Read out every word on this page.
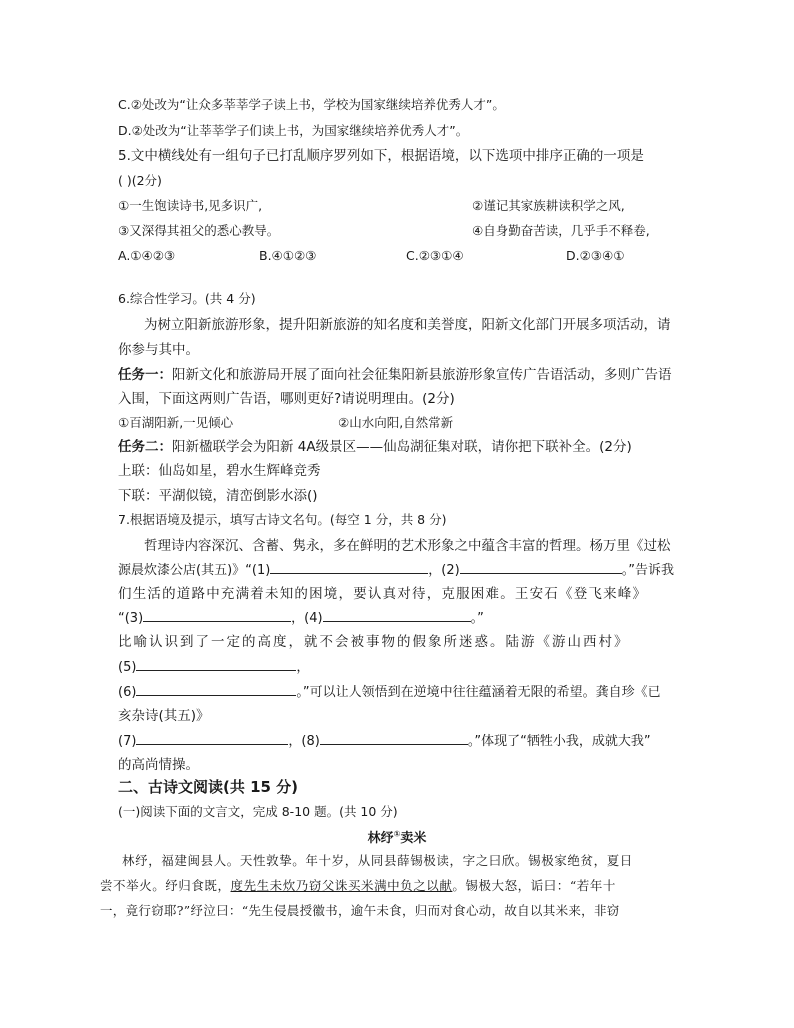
C.②处改为“让众多莘莘学子读上书，学校为国家继续培养优秀人才”。
D.②处改为“让莘莘学子们读上书，为国家继续培养优秀人才”。
5.文中横线处有一组句子已打乱顺序罗列如下，根据语境，以下选项中排序正确的一项是
( )(2分)
①一生饱读诗书,见多识广,	②谨记其家族耕读积学之风,
③又深得其祖父的悉心教导。	④自身勤奋苦读，几乎手不释卷,
A.①④②③	B.④①②③	C.②③①④	D.②③④①
6.综合性学习。(共 4 分)
为树立阳新旅游形象，提升阳新旅游的知名度和美誉度，阳新文化部门开展多项活动，请
你参与其中。
任务一：阳新文化和旅游局开展了面向社会征集阳新县旅游形象宣传广告语活动，多则广告语
入围，下面这两则广告语，哪则更好?请说明理由。(2分)
①百湖阳新,一见倾心	②山水向阳,自然常新
任务二：阳新楹联学会为阳新 4A级景区——仙岛湖征集对联，请你把下联补全。(2分)
上联：仙岛如星，碧水生辉峰竞秀
下联：平湖似镜，清峦倒影水添()
7.根据语境及提示，填写古诗文名句。(每空 1 分，共 8 分)
哲理诗内容深沉、含蓄、隽永，多在鲜明的艺术形象之中蕴含丰富的哲理。杨万里《过松
源晨炊漆公店(其五)》“(1)	，(2)	。”告诉我
们生活的道路中充满着未知的困境，要认真对待，克服困难。王安石《登飞来峰》
“(3)	，(4)	。”
比喻认识到了一定的高度，就不会被事物的假象所迷惑。陆游《游山西村》
(5)	，
(6)	。”可以让人领悟到在逆境中往往蕴涵着无限的希望。龚自珍《已
亥杂诗(其五)》
(7)	，(8)	。”体现了“牺牲小我，成就大我”
的高尚情操。
二、古诗文阅读(共 15 分)
(一)阅读下面的文言文，完成 8-10 题。(共 10 分)
林纾①卖米
林纾，福建闽县人。天性敦挚。年十岁，从同县薛锡极读，字之曰欣。锡极家绝贫，夏日
尝不举火。纾归食既，度先生未炊乃窃父诛买米满中负之以献。锡极大怒，诟曰：“若年十
一，竟行窃耶?”纾泣曰：“先生侵晨授徽书，逾午未食，归而对食心动，故自以其米来，非窃
